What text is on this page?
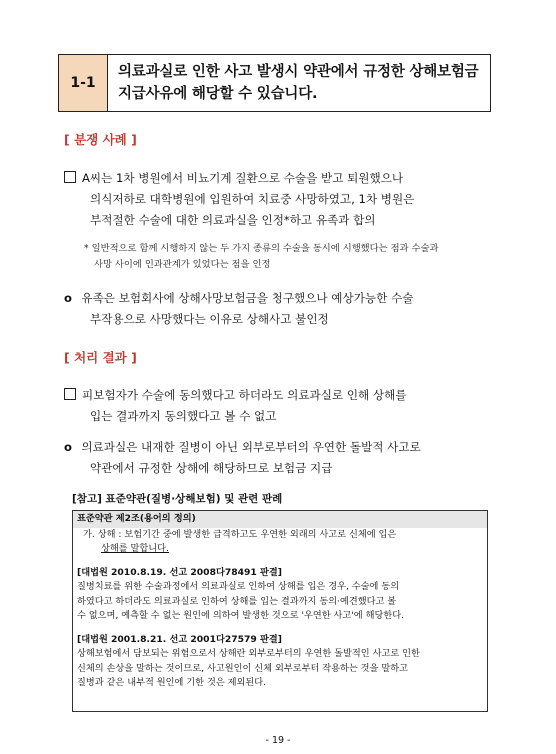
1-1
의료과실로 인한 사고 발생시 약관에서 규정한 상해보험금
지급사유에 해당할 수 있습니다.
[ 분쟁 사례 ]
A씨는 1차 병원에서 비뇨기계 질환으로 수술을 받고 퇴원했으나
의식저하로 대학병원에 입원하여 치료중 사망하였고, 1차 병원은
부적절한 수술에 대한 의료과실을 인정*하고 유족과 합의
* 일반적으로 함께 시행하지 않는 두 가지 종류의 수술을 동시에 시행했다는 점과 수술과
사망 사이에 인과관계가 있었다는 점을 인정
o 유족은 보험회사에 상해사망보험금을 청구했으나 예상가능한 수술
부작용으로 사망했다는 이유로 상해사고 불인정
[ 처리 결과 ]
피보험자가 수술에 동의했다고 하더라도 의료과실로 인해 상해를
입는 결과까지 동의했다고 볼 수 없고
o 의료과실은 내재한 질병이 아닌 외부로부터의 우연한 돌발적 사고로
약관에서 규정한 상해에 해당하므로 보험금 지급
[참고] 표준약관(질병·상해보험) 및 관련 판례
표준약관 제2조(용어의 정의)
가. 상해 : 보험기간 중에 발생한 급격하고도 우연한 외래의 사고로 신체에 입은
상해를 말합니다.
[대법원 2010.8.19. 선고 2008다78491 판결]
질병치료를 위한 수술과정에서 의료과실로 인하여 상해를 입은 경우, 수술에 동의
하였다고 하더라도 의료과실로 인하여 상해를 입는 결과까지 동의·예견했다고 볼
수 없으며, 예측할 수 없는 원인에 의하여 발생한 것으로 '우연한 사고'에 해당한다.
[대법원 2001.8.21. 선고 2001다27579 판결]
상해보험에서 담보되는 위험으로서 상해란 외부로부터의 우연한 돌발적인 사고로 인한
신체의 손상을 말하는 것이므로, 사고원인이 신체 외부로부터 작용하는 것을 말하고
질병과 같은 내부적 원인에 기한 것은 제외된다.
- 19 -
